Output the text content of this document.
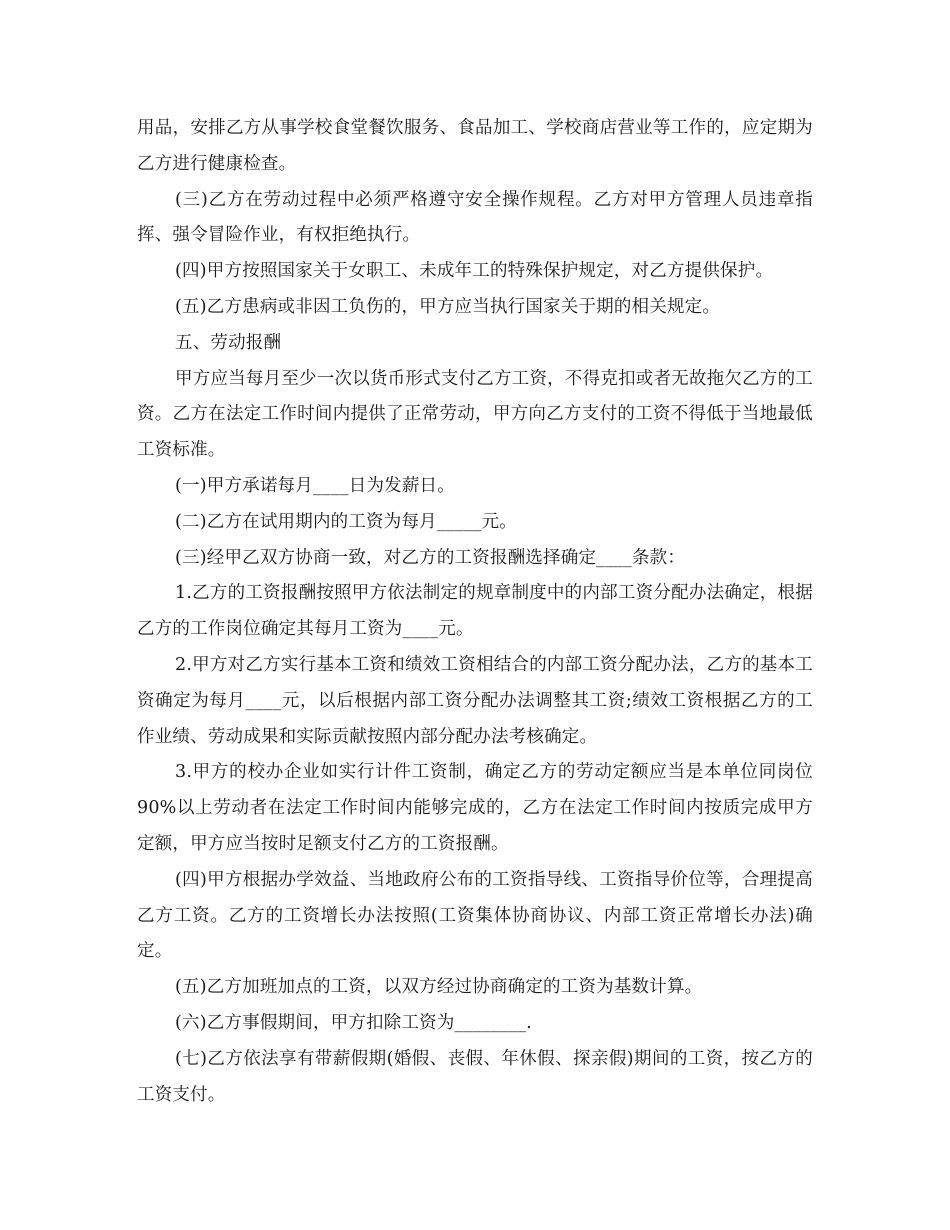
用品，安排乙方从事学校食堂餐饮服务、食品加工、学校商店营业等工作的，应定期为乙方进行健康检查。

(三)乙方在劳动过程中必须严格遵守安全操作规程。乙方对甲方管理人员违章指挥、强令冒险作业，有权拒绝执行。

(四)甲方按照国家关于女职工、未成年工的特殊保护规定，对乙方提供保护。

(五)乙方患病或非因工负伤的，甲方应当执行国家关于期的相关规定。

五、劳动报酬

甲方应当每月至少一次以货币形式支付乙方工资，不得克扣或者无故拖欠乙方的工资。乙方在法定工作时间内提供了正常劳动，甲方向乙方支付的工资不得低于当地最低工资标准。

(一)甲方承诺每月____日为发薪日。

(二)乙方在试用期内的工资为每月_____元。

(三)经甲乙双方协商一致，对乙方的工资报酬选择确定____条款：

1.乙方的工资报酬按照甲方依法制定的规章制度中的内部工资分配办法确定，根据乙方的工作岗位确定其每月工资为____元。

2.甲方对乙方实行基本工资和绩效工资相结合的内部工资分配办法，乙方的基本工资确定为每月____元，以后根据内部工资分配办法调整其工资;绩效工资根据乙方的工作业绩、劳动成果和实际贡献按照内部分配办法考核确定。

3.甲方的校办企业如实行计件工资制，确定乙方的劳动定额应当是本单位同岗位90%以上劳动者在法定工作时间内能够完成的，乙方在法定工作时间内按质完成甲方定额，甲方应当按时足额支付乙方的工资报酬。

(四)甲方根据办学效益、当地政府公布的工资指导线、工资指导价位等，合理提高乙方工资。乙方的工资增长办法按照(工资集体协商协议、内部工资正常增长办法)确定。

(五)乙方加班加点的工资，以双方经过协商确定的工资为基数计算。

(六)乙方事假期间，甲方扣除工资为________.

(七)乙方依法享有带薪假期(婚假、丧假、年休假、探亲假)期间的工资，按乙方的工资支付。
